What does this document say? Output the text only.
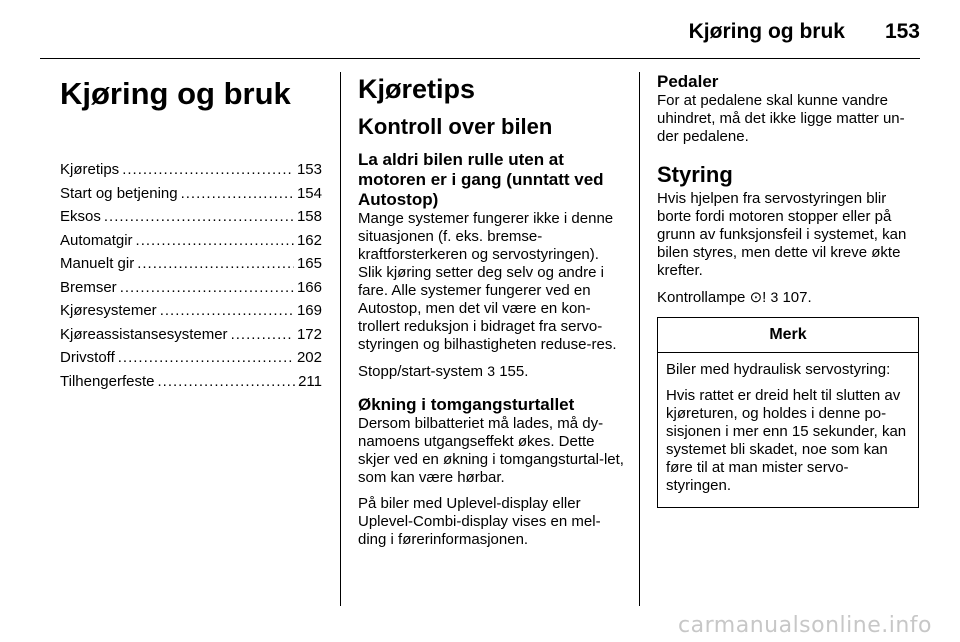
Kjøring og bruk 153
Kjøring og bruk
Kjøretips .....	153
Start og betjening .....	154
Eksos .....	158
Automatgir .....	162
Manuelt gir .....	165
Bremser .....	166
Kjøresystemer .....	169
Kjøreassistansesystemer .....	172
Drivstoff .....	202
Tilhengerfeste .....	211
Kjøretips
Kontroll over bilen
La aldri bilen rulle uten at motoren er i gang (unntatt ved Autostop)

Mange systemer fungerer ikke i denne situasjonen (f. eks. bremse-kraftforsterkeren og servostyringen). Slik kjøring setter deg selv og andre i fare. Alle systemer fungerer ved en Autostop, men det vil være en kon-trollert reduksjon i bidraget fra servo-styringen og bilhastigheten reduse-res.

Stopp/start-system 3 155.

Økning i tomgangsturtallet

Dersom bilbatteriet må lades, må dy-namoens utgangseffekt økes. Dette skjer ved en økning i tomgangsturtal-let, som kan være hørbar.

På biler med Uplevel-display eller Uplevel-Combi-display vises en mel-ding i førerinformasjonen.

Pedaler

For at pedalene skal kunne vandre uhindret, må det ikke ligge matter un-der pedalene.

Styring

Hvis hjelpen fra servostyringen blir borte fordi motoren stopper eller på grunn av funksjonsfeil i systemet, kan bilen styres, men dette vil kreve økte krefter.

Kontrollampe ⊙! 3 107.

Merk

Biler med hydraulisk servostyring:

Hvis rattet er dreid helt til slutten av kjøreturen, og holdes i denne po-sisjonen i mer enn 15 sekunder, kan systemet bli skadet, noe som kan føre til at man mister servo-styringen.

carmanualsonline.info
